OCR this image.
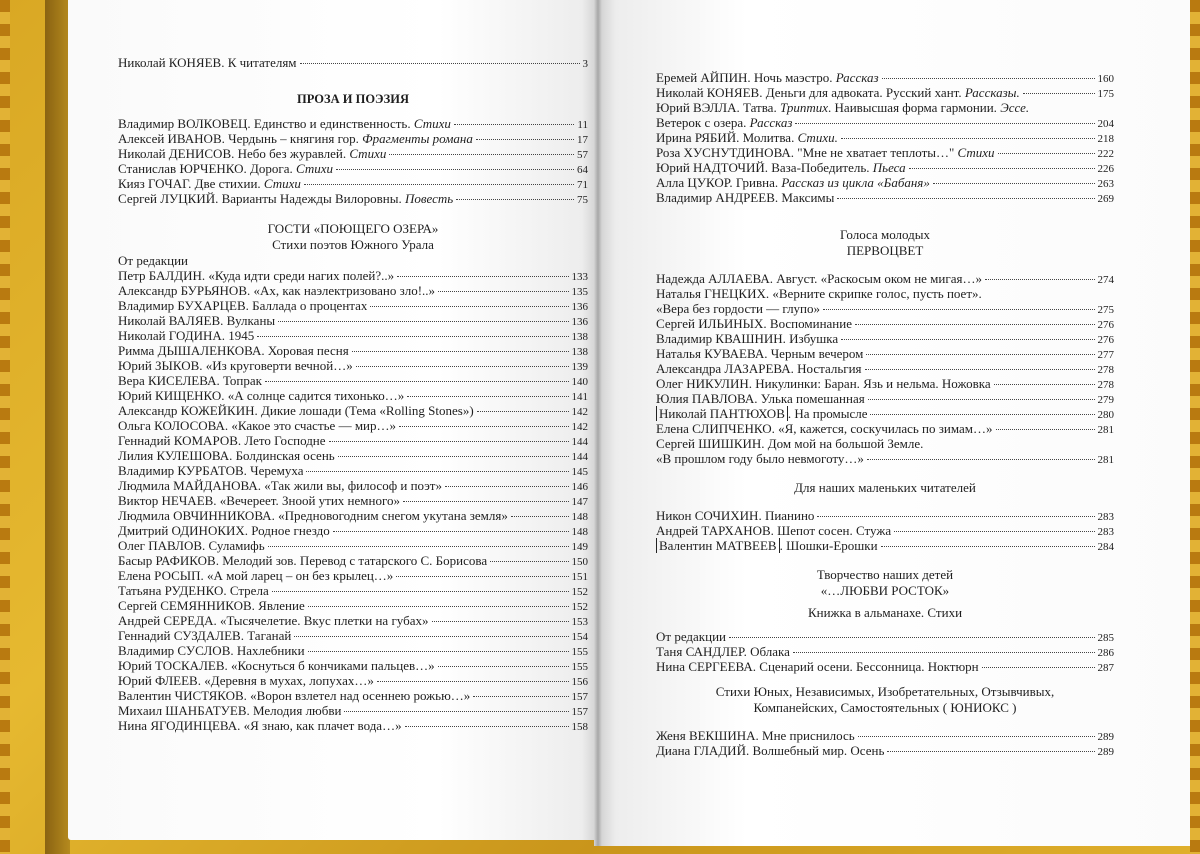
Николай КОНЯЕВ. К читателям	3
ПРОЗА И ПОЭЗИЯ
Владимир ВОЛКОВЕЦ. Единство и единственность. Стихи	11
Алексей ИВАНОВ. Чердынь – княгиня гор. Фрагменты романа	17
Николай ДЕНИСОВ. Небо без журавлей. Стихи	57
Станислав ЮРЧЕНКО. Дорога. Стихи	64
Кияз ГОЧАГ. Две стихии. Стихи	71
Сергей ЛУЦКИЙ. Варианты Надежды Вилоровны. Повесть	75
ГОСТИ «ПОЮЩЕГО ОЗЕРА»
Стихи поэтов Южного Урала
От редакции
Петр БАЛДИН. «Куда идти среди нагих полей?..»	133
Александр БУРЬЯНОВ. «Ах, как наэлектризовано зло!..»	135
Владимир БУХАРЦЕВ. Баллада о процентах	136
Николай ВАЛЯЕВ. Вулканы	136
Николай ГОДИНА. 1945	138
Римма ДЫШАЛЕНКОВА. Хоровая песня	138
Юрий ЗЫКОВ. «Из круговерти вечной…»	139
Вера КИСЕЛЕВА. Топрак	140
Юрий КИЩЕНКО. «А солнце садится тихонько…»	141
Александр КОЖЕЙКИН. Дикие лошади (Тема «Rolling Stones»)	142
Ольга КОЛОСОВА. «Какое это счастье — мир…»	142
Геннадий КОМАРОВ. Лето Господне	144
Лилия КУЛЕШОВА. Болдинская осень	144
Владимир КУРБАТОВ. Черемуха	145
Людмила МАЙДАНОВА. «Так жили вы, философ и поэт»	146
Виктор НЕЧАЕВ. «Вечереет. Зноой утих немного»	147
Людмила ОВЧИННИКОВА. «Предновогодним снегом укутана земля»	148
Дмитрий ОДИНОКИХ. Родное гнездо	148
Олег ПАВЛОВ. Суламифь	149
Басыр РАФИКОВ. Мелодий зов. Перевод с татарского С. Борисова	150
Елена РОСЫП. «А мой ларец – он без крылец…»	151
Татьяна РУДЕНКО. Стрела	152
Сергей СЕМЯННИКОВ. Явление	152
Андрей СЕРЕДА. «Тысячелетие. Вкус плетки на губах»	153
Геннадий СУЗДАЛЕВ. Таганай	154
Владимир СУСЛОВ. Нахлебники	155
Юрий ТОСКАЛЕВ. «Коснуться б кончиками пальцев…»	155
Юрий ФЛЕЕВ. «Деревня в мухах, лопухах…»	156
Валентин ЧИСТЯКОВ. «Ворон взлетел над осеннею рожью…»	157
Михаил ШАНБАТУЕВ. Мелодия любви	157
Нина ЯГОДИНЦЕВА. «Я знаю, как плачет вода…»	158
Еремей АЙПИН. Ночь маэстро. Рассказ	160
Николай КОНЯЕВ. Деньги для адвоката. Русский хант. Рассказы.	175
Юрий ВЭЛЛА. Татва. Триптих. Наивысшая форма гармонии. Эссе.
Ветерок с озера. Рассказ	204
Ирина РЯБИЙ. Молитва. Стихи.	218
Роза ХУСНУТДИНОВА. "Мне не хватает теплоты…" Стихи	222
Юрий НАДТОЧИЙ. Ваза-Победитель. Пьеса	226
Алла ЦУКОР. Гривна. Рассказ из цикла «Бабаня»	263
Владимир АНДРЕЕВ. Максимы	269
Голоса молодых
ПЕРВОЦВЕТ
Надежда АЛЛАЕВА. Август. «Раскосым оком не мигая…»	274
Наталья ГНЕЦКИХ. «Верните скрипке голос, пусть поет».
«Вера без гордости — глупо»	275
Сергей ИЛЬИНЫХ. Воспоминание	276
Владимир КВАШНИН. Избушка	276
Наталья КУВАЕВА. Черным вечером	277
Александра ЛАЗАРЕВА. Ностальгия	278
Олег НИКУЛИН. Никулинки: Баран. Язь и нельма. Ножовка	278
Юлия ПАВЛОВА. Улька помешанная	279
Николай ПАНТЮХОВ . На промысле	280
Елена СЛИПЧЕНКО. «Я, кажется, соскучилась по зимам…»	281
Сергей ШИШКИН. Дом мой на большой Земле.
«В прошлом году было невмоготу…»	281
Для наших маленьких читателей
Никон СОЧИХИН. Пианино	283
Андрей ТАРХАНОВ. Шепот сосен. Стужа	283
Валентин МАТВЕЕВ . Шошки-Ерошки	284
Творчество наших детей
«…ЛЮБВИ РОСТОК»
Книжка в альманахе. Стихи
От редакции	285
Таня САНДЛЕР. Облака	286
Нина СЕРГЕЕВА. Сценарий осени. Бессонница. Ноктюрн	287
Стихи Юных, Независимых, Изобретательных, Отзывчивых,
Компанейских, Самостоятельных ( ЮНИОКС )
Женя ВЕКШИНА. Мне приснилось	289
Диана ГЛАДИЙ. Волшебный мир. Осень	289
